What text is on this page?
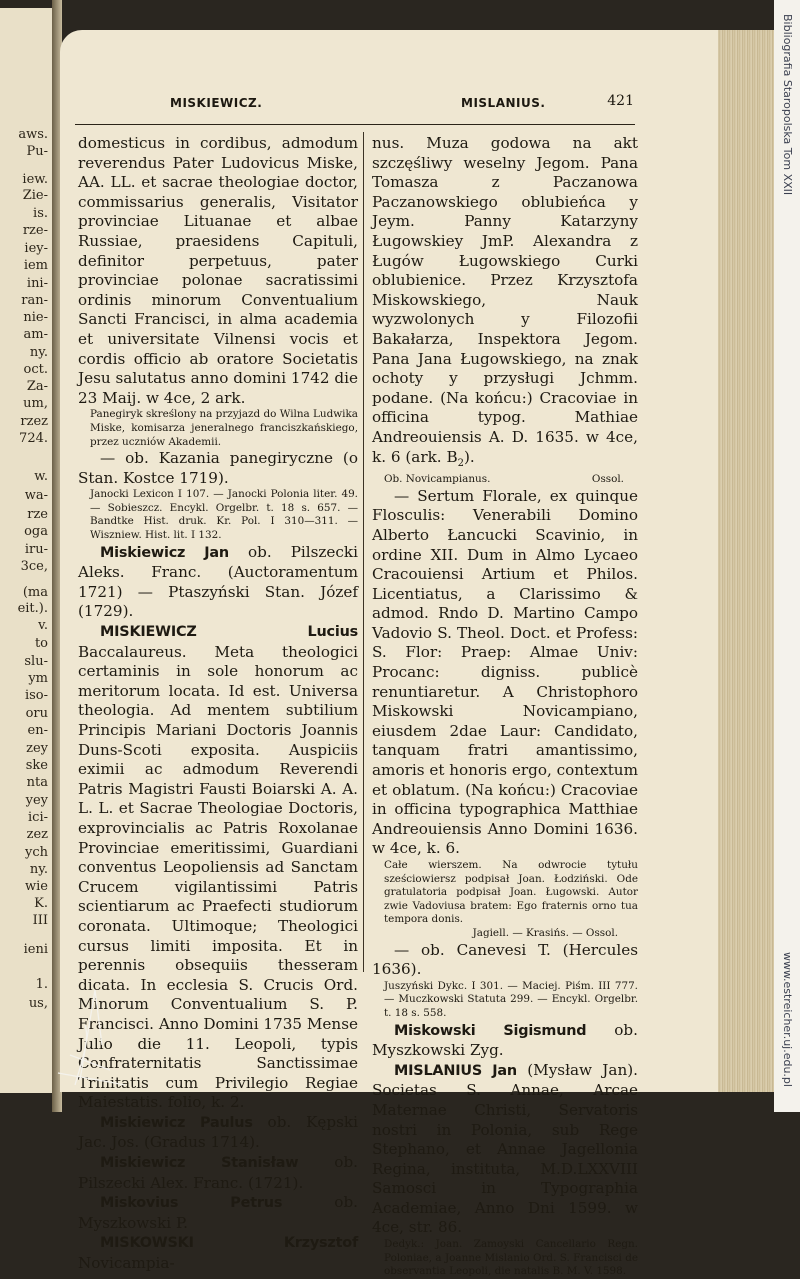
aws.
Pu-
iew.
Zie-
is.
rze-
iey-
iem
ini-
ran-
nie-
am-
ny.
oct.
Za-
um,
rzez
724.
w.
wa-
rze
oga
iru-
3ce,
(ma
eit.).
v.
to
slu-
ym
iso-
oru
en-
zey
ske
nta
yey
ici-
zez
ych
ny.
wie
K.
III
ieni
1.
us,
Bibliografia Staropolska Tom XXII
www.estreicher.uj.edu.pl
MISKIEWICZ.	MISLANIUS.	421

domesticus in cordibus, admodum reverendus Pater Ludovicus Miske, AA. LL. et sacrae theologiae doctor, commissarius generalis, Visitator provinciae Lituanae et albae Russiae, praesidens Capituli, definitor perpetuus, pater provinciae polonae sacratissimi ordinis minorum Conventualium Sancti Francisci, in alma academia et universitate Vilnensi vocis et cordis officio ab oratore Societatis Jesu salutatus anno domini 1742 die 23 Maij. w 4ce, 2 ark.

Panegiryk skreślony na przyjazd do Wilna Ludwika Miske, komisarza jeneralnego franciszkańskiego, przez uczniów Akademii.

— ob. Kazania panegiryczne (o Stan. Kostce 1719).

Janocki Lexicon I 107. — Janocki Polonia liter. 49. — Sobieszcz. Encykl. Orgelbr. t. 18 s. 657. — Bandtke Hist. druk. Kr. Pol. I 310—311. — Wiszniew. Hist. lit. I 132.

Miskiewicz Jan ob. Pilszecki Aleks. Franc. (Auctoramentum 1721) — Ptaszyński Stan. Józef (1729).

MISKIEWICZ Lucius Baccalaureus. Meta theologici certaminis in sole honorum ac meritorum locata. Id est. Universa theologia. Ad mentem subtilium Principis Mariani Doctoris Joannis Duns-Scoti exposita. Auspiciis eximii ac admodum Reverendi Patris Magistri Fausti Boiarski A. A. L. L. et Sacrae Theologiae Doctoris, exprovincialis ac Patris Roxolanae Provinciae emeritissimi, Guardiani conventus Leopoliensis ad Sanctam Crucem vigilantissimi Patris scientiarum ac Praefecti studiorum coronata. Ultimoque; Theologici cursus limiti imposita. Et in perennis obsequiis thesseram dicata. In ecclesia S. Crucis Ord. Minorum Conventualium S. P. Francisci. Anno Domini 1735 Mense Julio die 11. Leopoli, typis Confraternitatis Sanctissimae Trinitatis cum Privilegio Regiae Maiestatis. folio, k. 2.

Miskiewicz Paulus ob. Kępski Jac. Jos. (Gradus 1714).

Miskiewicz Stanisław ob. Pilszecki Alex. Franc. (1721).

Miskovius Petrus ob. Myszkowski P.

MISKOWSKI Krzysztof Novicampia-

nus. Muza godowa na akt szczęśliwy weselny Jegom. Pana Tomasza z Paczanowa Paczanowskiego oblubieńca y Jeym. Panny Katarzyny Ługowskiey JmP. Alexandra z Ługów Ługowskiego Curki oblubienice. Przez Krzysztofa Miskowskiego, Nauk wyzwolonych y Filozofii Bakałarza, Inspektora Jegom. Pana Jana Ługowskiego, na znak ochoty y przysługi Jchmm. podane. (Na końcu:) Cracoviae in officina typog. Mathiae Andreouiensis A. D. 1635. w 4ce, k. 6 (ark. $B_2$).

Ob. Novicampianus.	Ossol.

— Sertum Florale, ex quinque Flosculis: Venerabili Domino Alberto Łancucki Scavinio, in ordine XII. Dum in Almo Lycaeo Cracouiensi Artium et Philos. Licentiatus, a Clarissimo & admod. Rndo D. Martino Campo Vadovio S. Theol. Doct. et Profess: S. Flor: Praep: Almae Univ: Procanc: digniss. publicè renuntiaretur. A Christophoro Miskowski Novicampiano, eiusdem 2dae Laur: Candidato, tanquam fratri amantissimo, amoris et honoris ergo, contextum et oblatum. (Na końcu:) Cracoviae in officina typographica Matthiae Andreouiensis Anno Domini 1636. w 4ce, k. 6.

Całe wierszem. Na odwrocie tytułu sześciowiersz podpisał Joan. Łodziński. Ode gratulatoria podpisał Joan. Ługowski. Autor zwie Vadoviusa bratem: Ego fraternis orno tua tempora donis.

Jagiell. — Krasińs. — Ossol.

— ob. Canevesi T. (Hercules 1636).

Juszyński Dykc. I 301. — Maciej. Piśm. III 777. — Muczkowski Statuta 299. — Encykl. Orgelbr. t. 18 s. 558.

Miskowski Sigismund ob. Myszkowski Zyg.

MISLANIUS Jan (Mysław Jan). Societas S. Annae, Arcae Maternae Christi, Servatoris nostri in Polonia, sub Rege Stephano, et Annae Jagellonia Regina, instituta, M.D.LXXVIII Samosci in Typographia Academiae, Anno Dni 1599. w 4ce, str. 86.

Dedyk.: Joan. Zamoyski Cancellario Regn. Poloniae, a Joanne Mislanio Ord. S. Francisci de observantia Leopoli, die natalis B. M. V. 1598.
